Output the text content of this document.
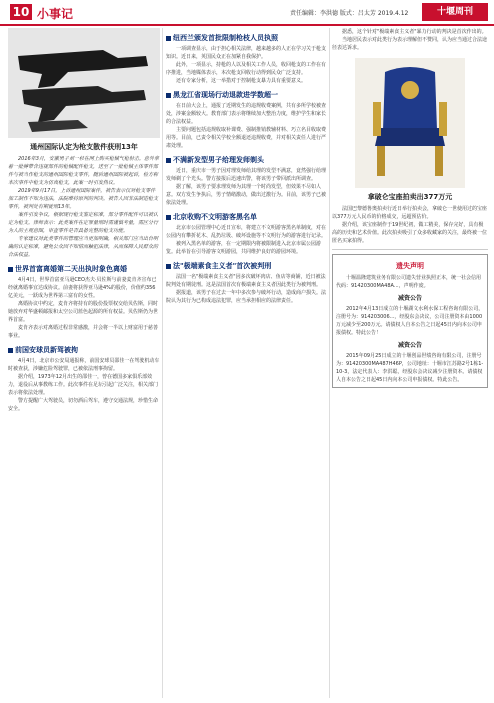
10 小事记	责任编辑：李洪德 版式：吕太芳 2019.4.12	十堰周刊
通州国际认定为枪支散件获刑13年

2016年3月，安徽男子刘一杉在网上购买枪械气枪射击。意外拿着一批搏带含违规部件的枪械配件枪支，送至了一批枪械主体零件部件与被当作枪支的通州国际枪支零件，随后通州国际被起诉，检方称本次事件中枪支为仿真枪支，此案一时引发热议。

2019年9月17日，上诉通州国际案件，被告表示仅对枪支零件加工制作不知为违法，法院维持原判的判决。被告人因非法制造枪支零件，被判处有期徒刑13年。

案件引发争议，根据现行枪支鉴定标准，部分零件配件可以被认定为枪支。律师表示：此类案件在定罪量刑时需谨慎考量，需区分行为人的主观意图，审查零件是否具备完整的枪支功能。

专家建议对此类零件的管理应当更加明确，相关部门应当出台明确的认定标准，避免公众因不知情而触犯法律，从而保障人民群众的合法权益。

世界首富离婚第二天出执时象色离婚

4月4日，世界首富亚马逊CEO杰夫·贝佐斯与前妻麦肯齐宣布已经就离婚事宜达成协议。前妻将获得亚马逊4%的股份，价值约356亿美元，一跃成为世界第三富有的女性。

离婚协议中约定，麦肯齐将持有的股份投票权交给贝佐斯，同时她放弃对华盛顿邮报和太空公司蓝色起源的所有权益。贝佐斯仍为世界首富。

麦肯齐表示对离婚过程非常感激，并会将一半以上财富用于慈善事业。

前国安球员新驾被拘

4月4日，北京市公安局通报称，前国安球员邵佳一在驾驶机动车时被查获，涉嫌危险驾驶罪，已被依法刑事拘留。

据介绍，1973年12月出生的邵佳一，曾在德国多家俱乐部效力，退役后从事教练工作。此次事件在足坛引起广泛关注，相关部门表示将依法处理。

警方提醒广大驾驶员，切勿酒后驾车，遵守交通法规，珍惜生命安全。

纽西兰颁发首批限制枪枝人员执照

一项调查显示，由于担心相关法律，越来越多的人正在学习关于枪支知识。近日来，英国民众正在加紧自我保护。

此外，一项显示，持枪的人以及相关工作人员，收回枪支的工作在有序推进，当地媒体表示，本次枪支回收行动得到民众广泛支持。

还有专家分析，这一举措对于控制枪支暴力具有重要意义。

黑龙江省现场行动退款进学数超一

在日前大会上，通报了近期发生的违规收费案例，共有多所学校被查处，涉案金额较大。教育部门表示将继续加大整治力度，维护学生和家长的合法权益。

主要问题包括违规收取补课费、强制推销教辅材料、巧立名目收取费用等。目前，已责令相关学校全额退还违规收费，并对相关责任人进行严肃处理。

不满新发型男子给理发师剃头

近日，重庆市一男子因对理发师给其理的发型不满意，竟然强行给理发师剃了个光头。警方接报后迅速出警，将该男子带回派出所调查。

据了解，该男子要求理发师为其理一个时尚发型，但效果不尽如人意。双方发生争执后，男子情绪激动，做出过激行为。目前，该男子已被依法处理。

北京收购不文明游客黑名单

北京市公园管理中心近日宣布，将建立不文明游客黑名单制度，对在公园内有攀折花木、乱扔垃圾、破坏设施等不文明行为的游客进行记录。

被列入黑名单的游客，在一定期限内将被限制进入北京市属公园游览。此举旨在引导游客文明游园，共同维护良好的游园环境。

法"极端素食主义者"首次被判刑

法国一名"极端素食主义者"因多次破坏肉店、鱼店等商铺，近日被法院判处有期徒刑。这是法国首次有极端素食主义者因此类行为被判刑。

据报道，该男子在过去一年中多次参与破坏行动，造成商户损失。法院认为其行为已构成违法犯罪，应当承担相应的法律责任。

据悉，这个针对"极端素食主义者"暴力行动的判决是首次作出的。

当地居民表示对此类行为表示理解但不赞同，认为应当通过合法途径表达诉求。

拿破仑宝座拍卖出377万元

法国巴黎德鲁奥拍卖行近日举行拍卖会，拿破仑一世使用过的宝座以377万元人民币的价格成交，远超预估价。

据介绍，该宝座制作于19世纪初，做工精美，保存完好，具有极高的历史和艺术价值。此次拍卖吸引了众多收藏家的关注，最终被一位匿名买家拍得。

遗失声明

十堰温隆建筑业务有限公司遗失营业执照正本，统一社会信用代码：91420300MA48A...，声明作废。

减资公告

2012年4月13日成立的十堰湖文水利水保工程咨询有限公司，注册号为：914203006...，经股东会决议，公司注册资本由1000万元减少至200万元。请债权人自本公告之日起45日内向本公司申报债权。特此公告！

减资公告

2015年09月25日成立的十堰创品世绩咨询有限公司，注册号为：91420300MA487H46P，公司地址：十堰市江苏路2号1栋1-10-3，法定代表人：李洪聪，经股东会决议减少注册资本。请债权人自本公告之日起45日内向本公司申报债权。特此公告。
